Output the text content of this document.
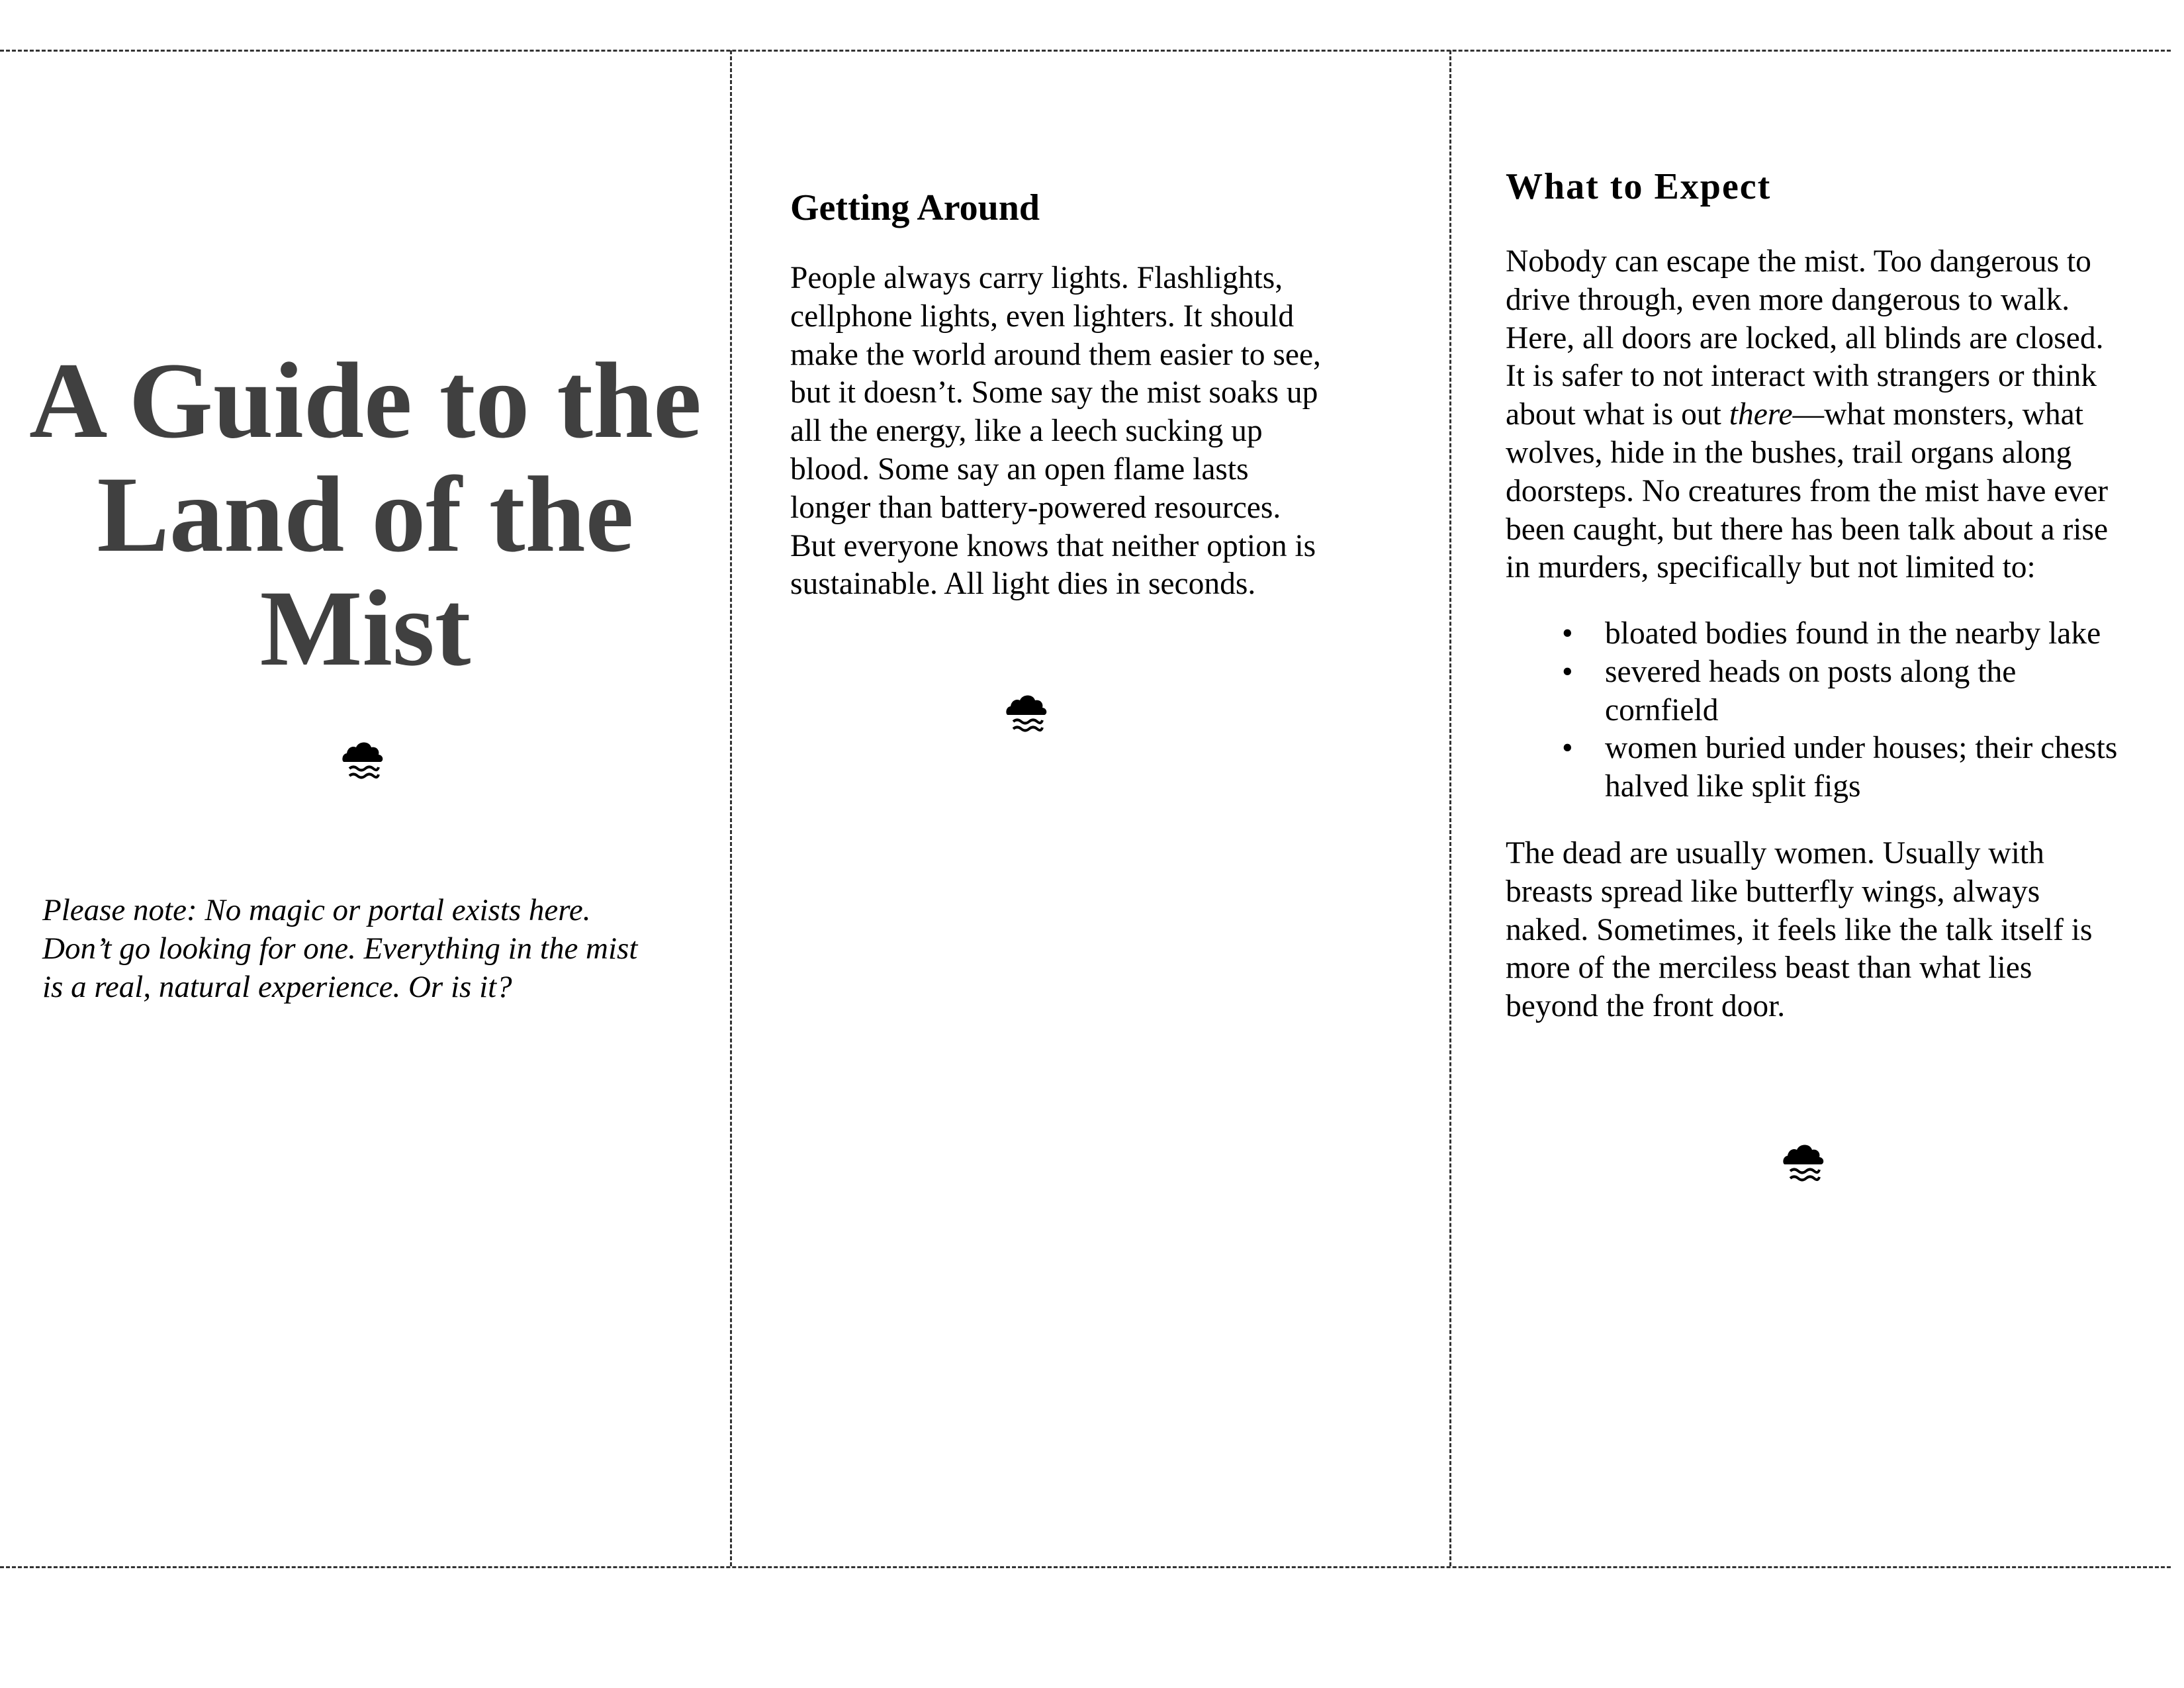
A Guide to the
Land of the
Mist

Please note: No magic or portal exists here.
Don’t go looking for one. Everything in the mist
is a real, natural experience. Or is it?

Getting Around

People always carry lights. Flashlights,
cellphone lights, even lighters. It should
make the world around them easier to see,
but it doesn’t. Some say the mist soaks up
all the energy, like a leech sucking up
blood. Some say an open flame lasts
longer than battery-powered resources.
But everyone knows that neither option is
sustainable. All light dies in seconds.

What to Expect

Nobody can escape the mist. Too dangerous to
drive through, even more dangerous to walk.
Here, all doors are locked, all blinds are closed.
It is safer to not interact with strangers or think
about what is out there—what monsters, what
wolves, hide in the bushes, trail organs along
doorsteps. No creatures from the mist have ever
been caught, but there has been talk about a rise
in murders, specifically but not limited to:

• bloated bodies found in the nearby lake
• severed heads on posts along the
cornfield
• women buried under houses; their chests
halved like split figs

The dead are usually women. Usually with
breasts spread like butterfly wings, always
naked. Sometimes, it feels like the talk itself is
more of the merciless beast than what lies
beyond the front door.
